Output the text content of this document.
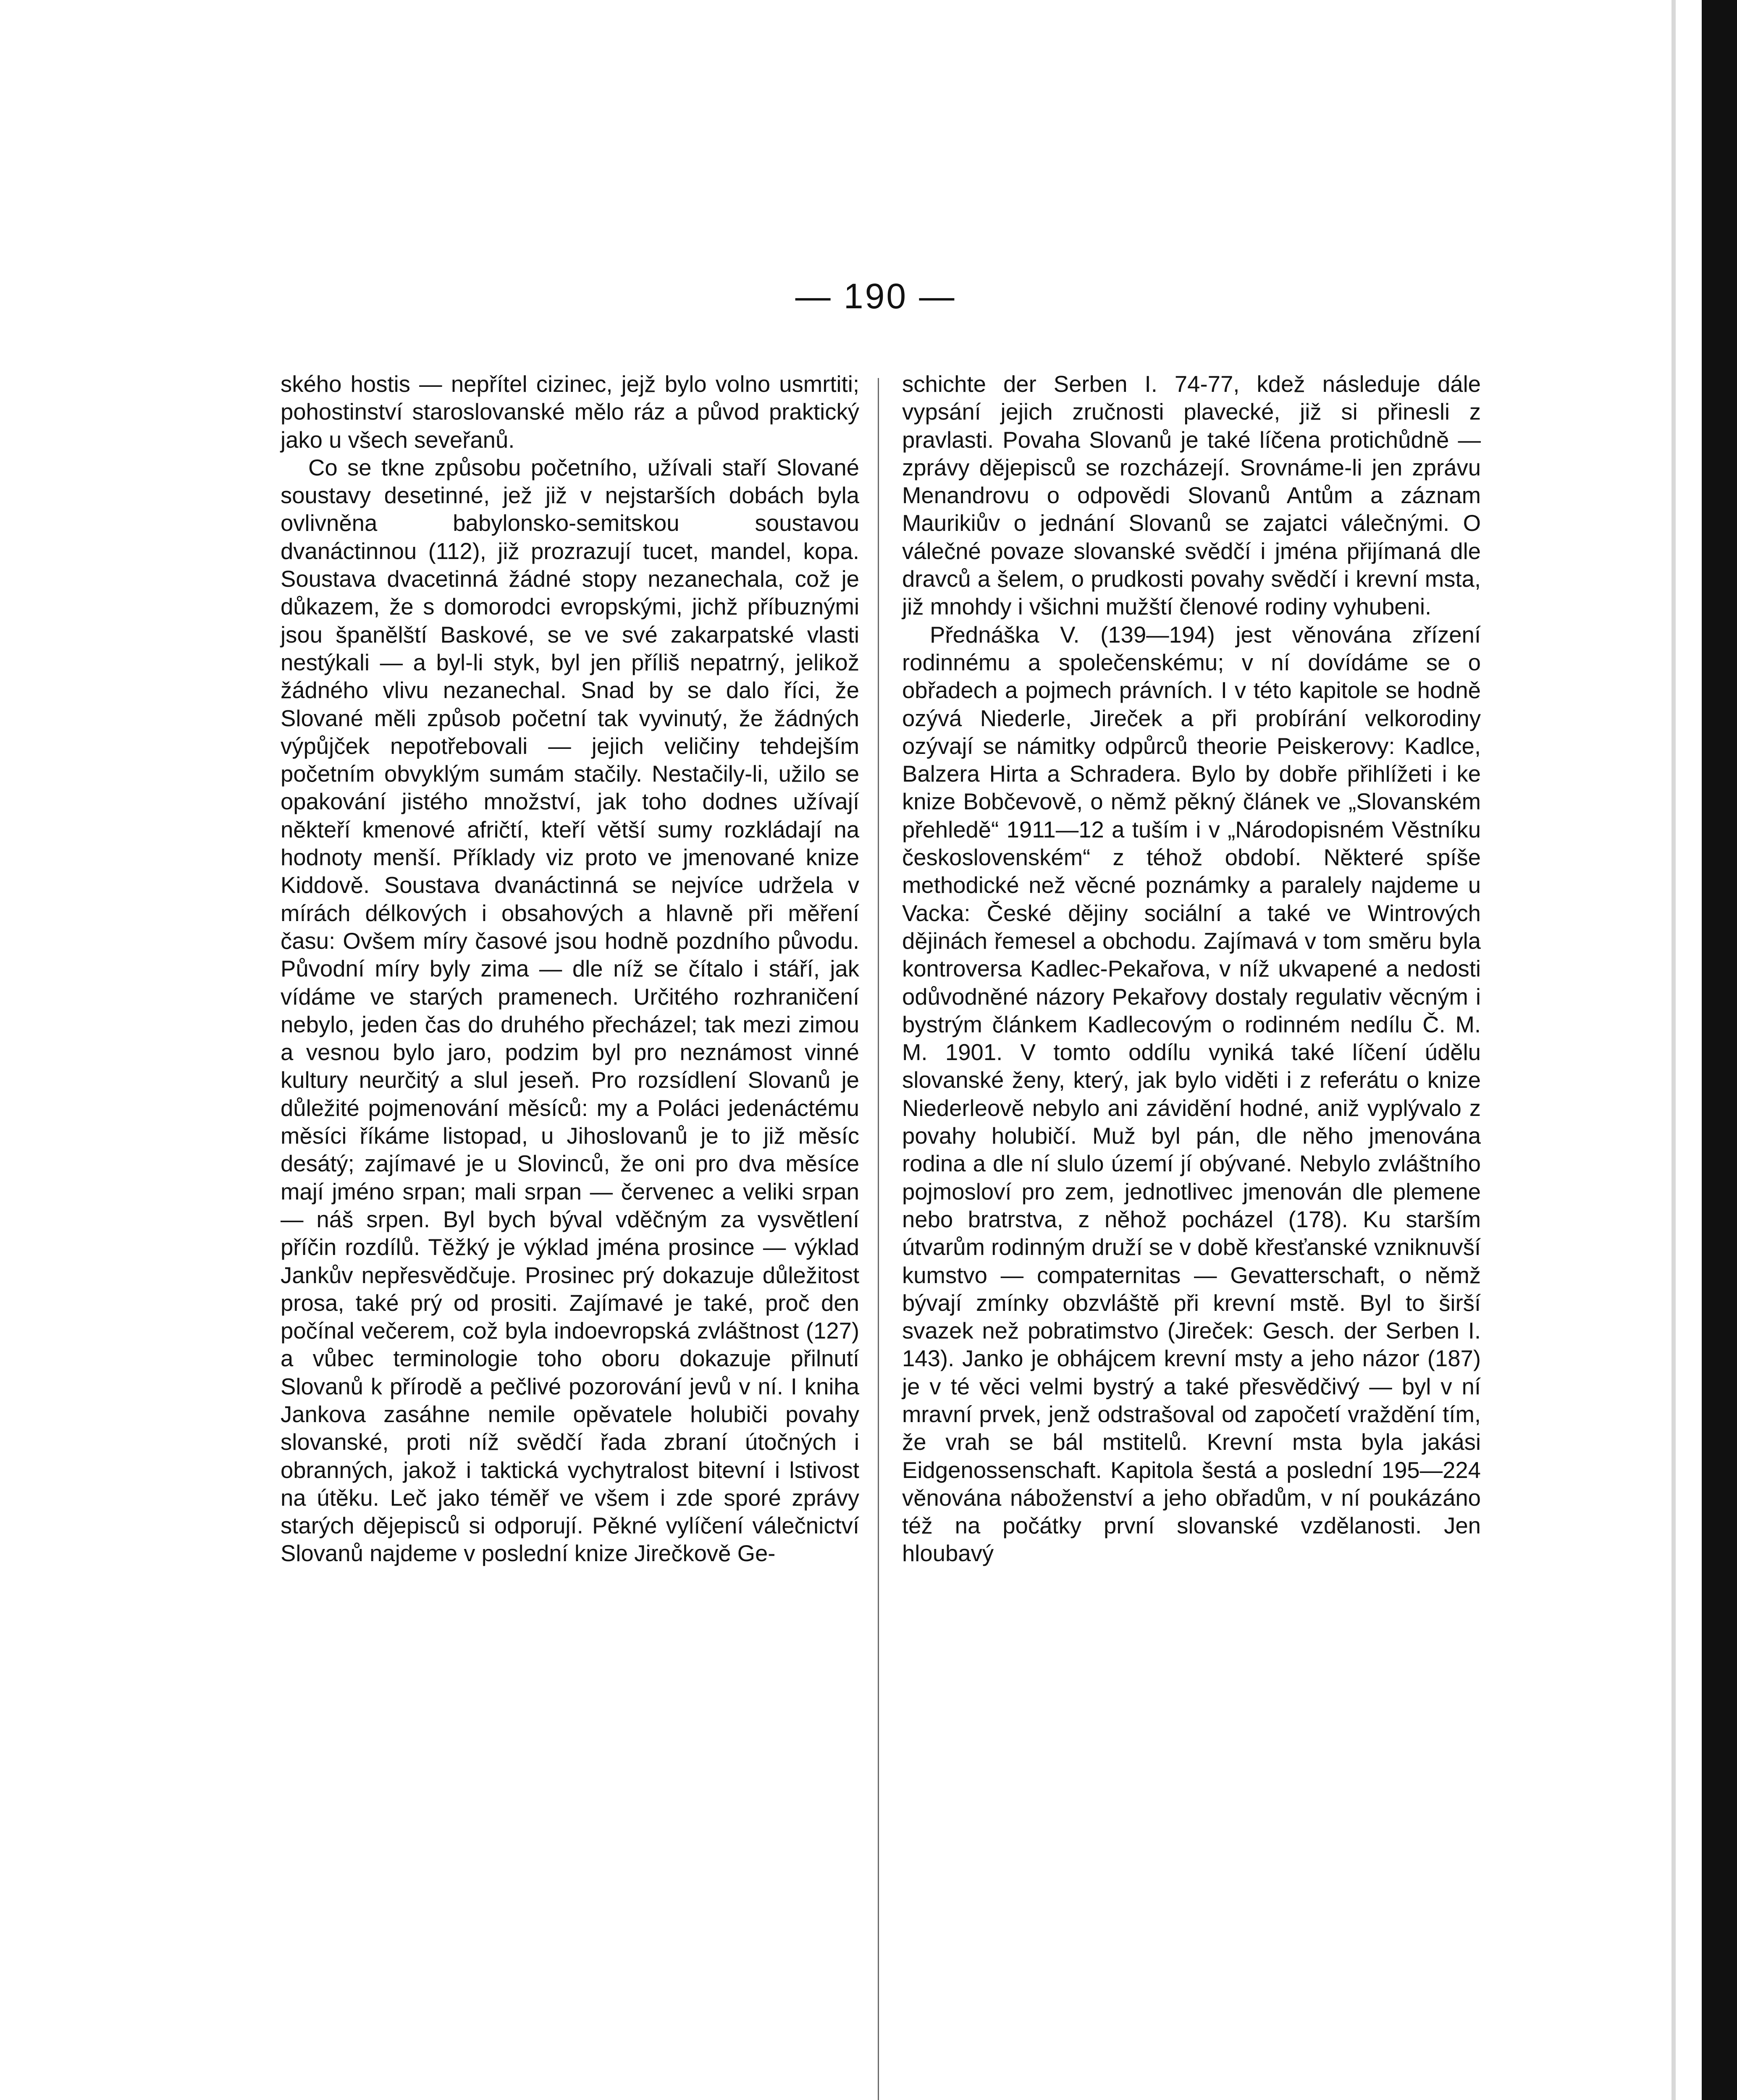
— 190 —

ského hostis — nepřítel cizinec, jejž bylo volno usmrtiti; pohostinství staroslovanské mělo ráz a původ praktický jako u všech seveřanů.

Co se tkne způsobu početního, užívali staří Slované soustavy desetinné, jež již v nejstarších dobách byla ovlivněna babylonsko-semitskou soustavou dvanáctinnou (112), již prozrazují tucet, mandel, kopa. Soustava dvacetinná žádné stopy nezanechala, což je důkazem, že s domorodci evropskými, jichž příbuznými jsou španělští Baskové, se ve své zakarpatské vlasti nestýkali — a byl-li styk, byl jen příliš nepatrný, jelikož žádného vlivu nezanechal. Snad by se dalo říci, že Slované měli způsob početní tak vyvinutý, že žádných výpůjček nepotřebovali — jejich veličiny tehdejším početním obvyklým sumám stačily. Nestačily-li, užilo se opakování jistého množství, jak toho dodnes užívají někteří kmenové afričtí, kteří větší sumy rozkládají na hodnoty menší. Příklady viz proto ve jmenované knize Kiddově. Soustava dvanáctinná se nejvíce udržela v mírách délkových i obsahových a hlavně při měření času: Ovšem míry časové jsou hodně pozdního původu. Původní míry byly zima — dle níž se čítalo i stáří, jak vídáme ve starých pramenech. Určitého rozhraničení nebylo, jeden čas do druhého přecházel; tak mezi zimou a vesnou bylo jaro, podzim byl pro neznámost vinné kultury neurčitý a slul jeseň. Pro rozsídlení Slovanů je důležité pojmenování měsíců: my a Poláci jedenáctému měsíci říkáme listopad, u Jihoslovanů je to již měsíc desátý; zajímavé je u Slovinců, že oni pro dva měsíce mají jméno srpan; mali srpan — červenec a veliki srpan — náš srpen. Byl bych býval vděčným za vysvětlení příčin rozdílů. Těžký je výklad jména prosince — výklad Jankův nepřesvědčuje. Prosinec prý dokazuje důležitost prosa, také prý od prositi. Zajímavé je také, proč den počínal večerem, což byla indoevropská zvláštnost (127) a vůbec terminologie toho oboru dokazuje přilnutí Slovanů k přírodě a pečlivé pozorování jevů v ní. I kniha Jankova zasáhne nemile opěvatele holubiči povahy slovanské, proti níž svědčí řada zbraní útočných i obranných, jakož i taktická vychytralost bitevní i lstivost na útěku. Leč jako téměř ve všem i zde sporé zprávy starých dějepisců si odporují. Pěkné vylíčení válečnictví Slovanů najdeme v poslední knize Jirečkově Ge-

schichte der Serben I. 74-77, kdež následuje dále vypsání jejich zručnosti plavecké, již si přinesli z pravlasti. Povaha Slovanů je také líčena protichůdně — zprávy dějepisců se rozcházejí. Srovnáme-li jen zprávu Menandrovu o odpovědi Slovanů Antům a záznam Maurikiův o jednání Slovanů se zajatci válečnými. O válečné povaze slovanské svědčí i jména přijímaná dle dravců a šelem, o prudkosti povahy svědčí i krevní msta, již mnohdy i všichni mužští členové rodiny vyhubeni.

Přednáška V. (139—194) jest věnována zřízení rodinnému a společenskému; v ní dovídáme se o obřadech a pojmech právních. I v této kapitole se hodně ozývá Niederle, Jireček a při probírání velkorodiny ozývají se námitky odpůrců theorie Peiskerovy: Kadlce, Balzera Hirta a Schradera. Bylo by dobře přihlížeti i ke knize Bobčevově, o němž pěkný článek ve „Slovanském přehledě“ 1911—12 a tuším i v „Národopisném Věstníku československém“ z téhož období. Některé spíše methodické než věcné poznámky a paralely najdeme u Vacka: České dějiny sociální a také ve Wintrových dějinách řemesel a obchodu. Zajímavá v tom směru byla kontroversa Kadlec-Pekařova, v níž ukvapené a nedosti odůvodněné názory Pekařovy dostaly regulativ věcným i bystrým článkem Kadlecovým o rodinném nedílu Č. M. M. 1901. V tomto oddílu vyniká také líčení údělu slovanské ženy, který, jak bylo viděti i z referátu o knize Niederleově nebylo ani závidění hodné, aniž vyplývalo z povahy holubičí. Muž byl pán, dle něho jmenována rodina a dle ní slulo území jí obývané. Nebylo zvláštního pojmosloví pro zem, jednotlivec jmenován dle plemene nebo bratrstva, z něhož pocházel (178). Ku starším útvarům rodinným druží se v době křesťanské vzniknuvší kumstvo — compaternitas — Gevatterschaft, o němž bývají zmínky obzvláště při krevní mstě. Byl to širší svazek než pobratimstvo (Jireček: Gesch. der Serben I. 143). Janko je obhájcem krevní msty a jeho názor (187) je v té věci velmi bystrý a také přesvědčivý — byl v ní mravní prvek, jenž odstrašoval od započetí vraždění tím, že vrah se bál mstitelů. Krevní msta byla jakási Eidgenossenschaft. Kapitola šestá a poslední 195—224 věnována náboženství a jeho obřadům, v ní poukázáno též na počátky první slovanské vzdělanosti. Jen hloubavý
